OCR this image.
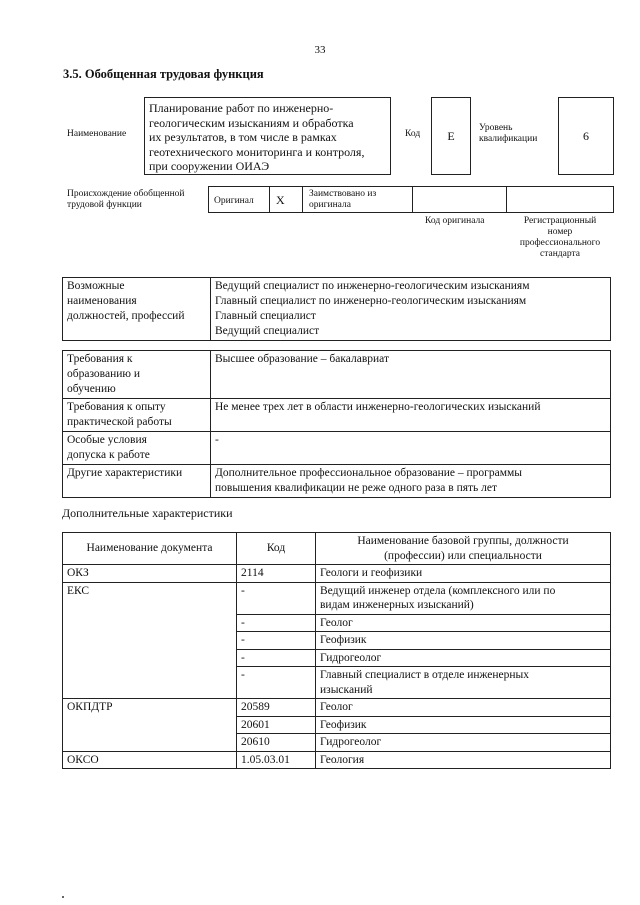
33
3.5. Обобщенная трудовая функция
Наименование
Планирование работ по инженерно-
геологическим изысканиям и обработка
их результатов, в том числе в рамках
геотехнического мониторинга и контроля,
при сооружении ОИАЭ
Код E
Уровень
квалификации	6
Происхождение обобщенной
трудовой функции	Оригинал X	Заимствовано из
оригинала
Код оригинала	Регистрационный
номер
профессионального
стандарта
Возможные
наименования
должностей, профессий

Ведущий специалист по инженерно-геологическим изысканиям
Главный специалист по инженерно-геологическим изысканиям
Главный специалист
Ведущий специалист
Требования к
образованию и
обучению	Высшее образование – бакалавриат

Требования к опыту
практической работы	Не менее трех лет в области инженерно-геологических изысканий

Особые условия
допуска к работе	-

Другие характеристики	Дополнительное профессиональное образование – программы
повышения квалификации не реже одного раза в пять лет
Дополнительные характеристики
Наименование документа	Код	Наименование базовой группы, должности
(профессии) или специальности

ОКЗ	2114	Геологи и геофизики
ЕКС	-	Ведущий инженер отдела (комплексного или по
видам инженерных изысканий)

	-	Геолог
	-	Геофизик
	-	Гидрогеолог
	-	Главный специалист в отделе инженерных
изысканий

ОКПДТР	20589	Геолог
	20601	Геофизик
	20610	Гидрогеолог
ОКСО	1.05.03.01	Геология
